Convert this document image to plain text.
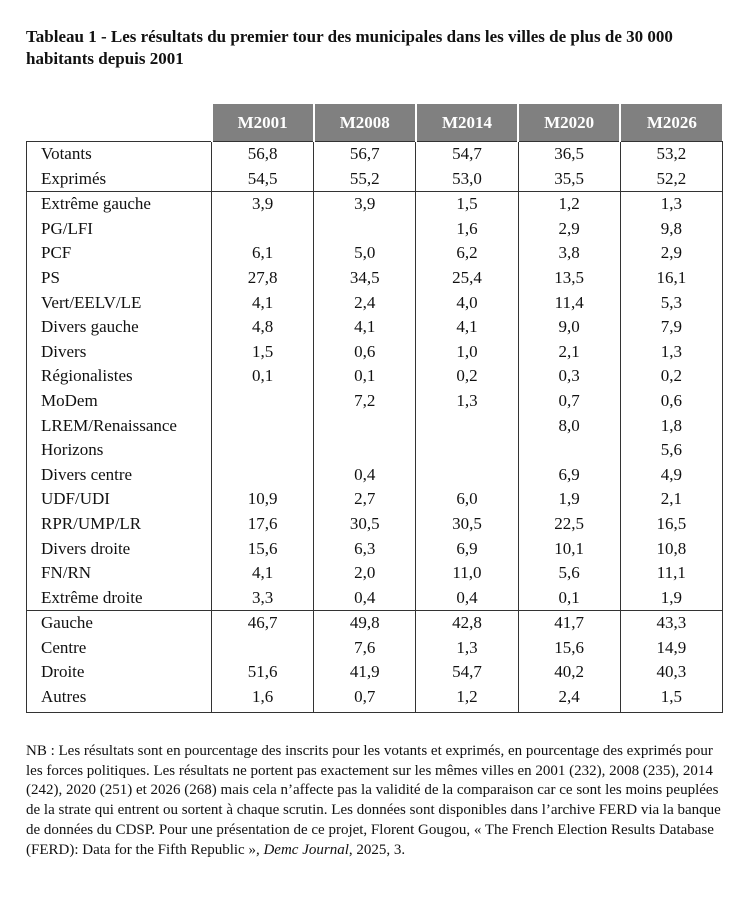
Tableau 1 - Les résultats du premier tour des municipales dans les villes de plus de 30 000 habitants depuis 2001
	M2001	M2008	M2014	M2020	M2026
Votants	56,8	56,7	54,7	36,5	53,2
Exprimés	54,5	55,2	53,0	35,5	52,2
Extrême gauche	3,9	3,9	1,5	1,2	1,3
PG/LFI			1,6	2,9	9,8
PCF	6,1	5,0	6,2	3,8	2,9
PS	27,8	34,5	25,4	13,5	16,1
Vert/EELV/LE	4,1	2,4	4,0	11,4	5,3
Divers gauche	4,8	4,1	4,1	9,0	7,9
Divers	1,5	0,6	1,0	2,1	1,3
Régionalistes	0,1	0,1	0,2	0,3	0,2
MoDem		7,2	1,3	0,7	0,6
LREM/Renaissance				8,0	1,8
Horizons					5,6
Divers centre		0,4		6,9	4,9
UDF/UDI	10,9	2,7	6,0	1,9	2,1
RPR/UMP/LR	17,6	30,5	30,5	22,5	16,5
Divers droite	15,6	6,3	6,9	10,1	10,8
FN/RN	4,1	2,0	11,0	5,6	11,1
Extrême droite	3,3	0,4	0,4	0,1	1,9
Gauche	46,7	49,8	42,8	41,7	43,3
Centre		7,6	1,3	15,6	14,9
Droite	51,6	41,9	54,7	40,2	40,3
Autres	1,6	0,7	1,2	2,4	1,5

NB : Les résultats sont en pourcentage des inscrits pour les votants et exprimés, en pourcentage des exprimés pour les forces politiques. Les résultats ne portent pas exactement sur les mêmes villes en 2001 (232), 2008 (235), 2014 (242), 2020 (251) et 2026 (268) mais cela n’affecte pas la validité de la comparaison car ce sont les moins peuplées de la strate qui entrent ou sortent à chaque scrutin. Les données sont disponibles dans l’archive FERD via la banque de données du CDSP. Pour une présentation de ce projet, Florent Gougou, « The French Election Results Database (FERD): Data for the Fifth Republic », Demc Journal, 2025, 3.
